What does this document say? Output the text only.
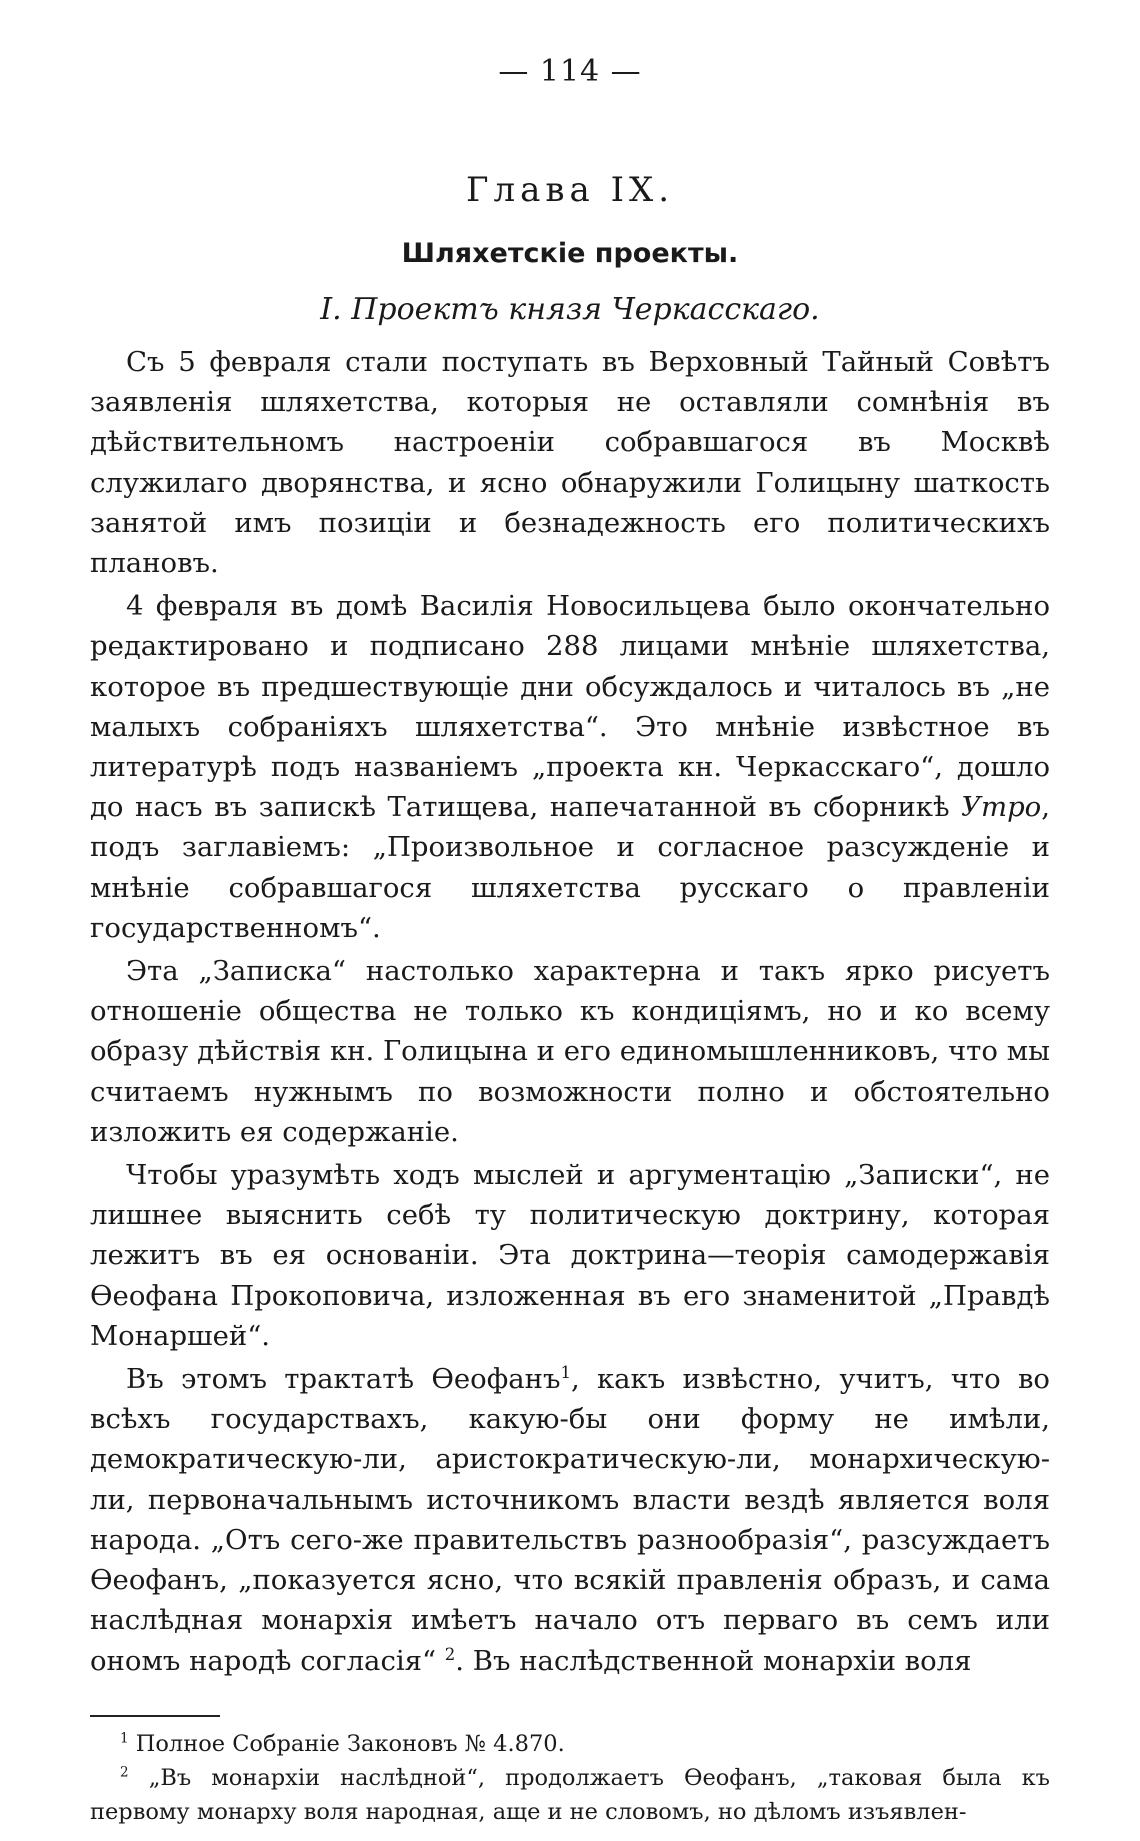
— 114 —
Глава IX.
Шляхетскіе проекты.
I. Проектъ князя Черкасскаго.

Съ 5 февраля стали поступать въ Верховный Тайный Совѣтъ заявленія шляхетства, которыя не оставляли сомнѣнія въ дѣйствительномъ настроеніи собравшагося въ Москвѣ служилаго дворянства, и ясно обнаружили Голицыну шаткость занятой имъ позиціи и безнадежность его политическихъ плановъ.

4 февраля въ домѣ Василія Новосильцева было окончательно редактировано и подписано 288 лицами мнѣніе шляхетства, которое въ предшествующіе дни обсуждалось и читалось въ „не малыхъ собраніяхъ шляхетства“. Это мнѣніе извѣстное въ литературѣ подъ названіемъ „проекта кн. Черкасскаго“, дошло до насъ въ запискѣ Татищева, напечатанной въ сборникѣ Утро, подъ заглавіемъ: „Произвольное и согласное разсужденіе и мнѣніе собравшагося шляхетства русскаго о правленіи государственномъ“.

Эта „Записка“ настолько характерна и такъ ярко рисуетъ отношеніе общества не только къ кондиціямъ, но и ко всему образу дѣйствія кн. Голицына и его единомышленниковъ, что мы считаемъ нужнымъ по возможности полно и обстоятельно изложить ея содержаніе.

Чтобы уразумѣть ходъ мыслей и аргументацію „Записки“, не лишнее выяснить себѣ ту политическую доктрину, которая лежитъ въ ея основаніи. Эта доктрина—теорія самодержавія Ѳеофана Прокоповича, изложенная въ его знаменитой „Правдѣ Монаршей“.

Въ этомъ трактатѣ Ѳеофанъ$^1$, какъ извѣстно, учитъ, что во всѣхъ государствахъ, какую-бы они форму не имѣли, демократическую-ли, аристократическую-ли, монархическую-ли, первоначальнымъ источникомъ власти вездѣ является воля народа. „Отъ сего-же правительствъ разнообразія“, разсуждаетъ Ѳеофанъ, „показуется ясно, что всякій правленія образъ, и сама наслѣдная монархія имѣетъ начало отъ перваго въ семъ или ономъ народѣ согласія“ $^2$. Въ наслѣдственной монархіи воля

$^1$ Полное Собраніе Законовъ № 4.870.

$^2$ „Въ монархіи наслѣдной“, продолжаетъ Ѳеофанъ, „таковая была къ первому монарху воля народная, аще и не словомъ, но дѣломъ изъявлен-
